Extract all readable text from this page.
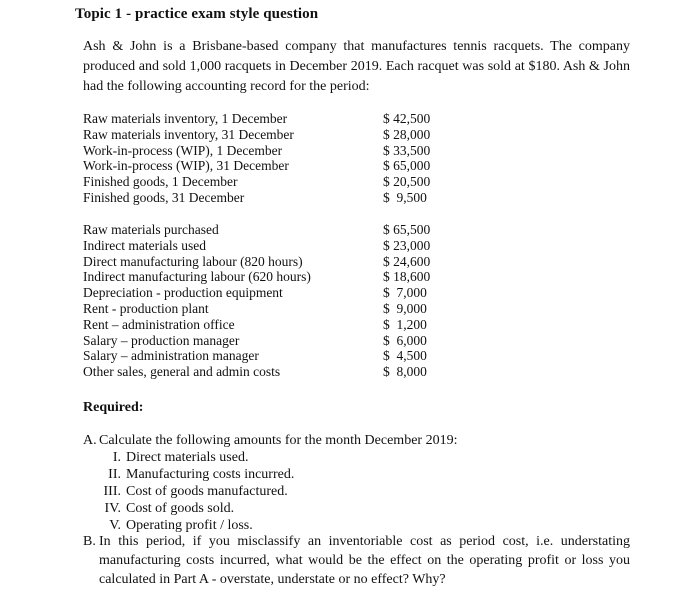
Topic 1 - practice exam style question
Ash & John is a Brisbane-based company that manufactures tennis racquets. The company produced and sold 1,000 racquets in December 2019. Each racquet was sold at $180. Ash & John had the following accounting record for the period:
Raw materials inventory, 1 December	$ 42,500
Raw materials inventory, 31 December	$ 28,000
Work-in-process (WIP), 1 December	$ 33,500
Work-in-process (WIP), 31 December	$ 65,000
Finished goods, 1 December	$ 20,500
Finished goods, 31 December	$  9,500
Raw materials purchased	$ 65,500
Indirect materials used	$ 23,000
Direct manufacturing labour (820 hours)	$ 24,600
Indirect manufacturing labour (620 hours)	$ 18,600
Depreciation - production equipment	$  7,000
Rent - production plant	$  9,000
Rent – administration office	$  1,200
Salary – production manager	$  6,000
Salary – administration manager	$  4,500
Other sales, general and admin costs	$  8,000
Required:
A. Calculate the following amounts for the month December 2019:
I. Direct materials used.
II. Manufacturing costs incurred.
III. Cost of goods manufactured.
IV. Cost of goods sold.
V. Operating profit / loss.
B. In this period, if you misclassify an inventoriable cost as period cost, i.e. understating manufacturing costs incurred, what would be the effect on the operating profit or loss you calculated in Part A - overstate, understate or no effect? Why?
